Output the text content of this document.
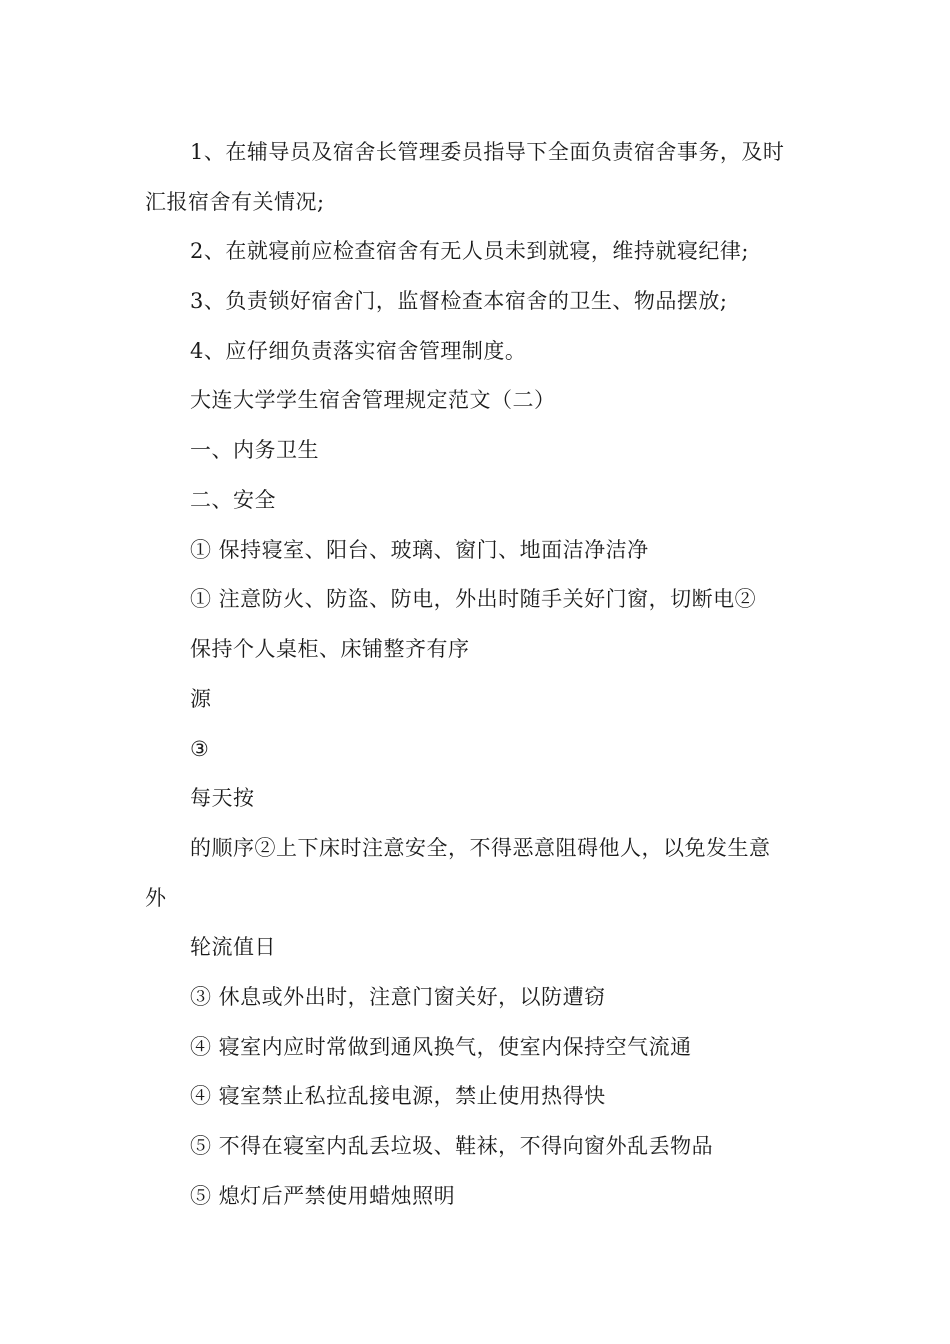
1、在辅导员及宿舍长管理委员指导下全面负责宿舍事务，及时
汇报宿舍有关情况;
2、在就寝前应检查宿舍有无人员未到就寝，维持就寝纪律;
3、负责锁好宿舍门，监督检查本宿舍的卫生、物品摆放;
4、应仔细负责落实宿舍管理制度。
大连大学学生宿舍管理规定范文（二）
一、内务卫生
二、安全
① 保持寝室、阳台、玻璃、窗门、地面洁净洁净
① 注意防火、防盗、防电，外出时随手关好门窗，切断电②
保持个人桌柜、床铺整齐有序
源
③
每天按
的顺序②上下床时注意安全，不得恶意阻碍他人，以免发生意
外
轮流值日
③ 休息或外出时，注意门窗关好，以防遭窃
④ 寝室内应时常做到通风换气，使室内保持空气流通
④ 寝室禁止私拉乱接电源，禁止使用热得快
⑤ 不得在寝室内乱丢垃圾、鞋袜，不得向窗外乱丢物品
⑤ 熄灯后严禁使用蜡烛照明
